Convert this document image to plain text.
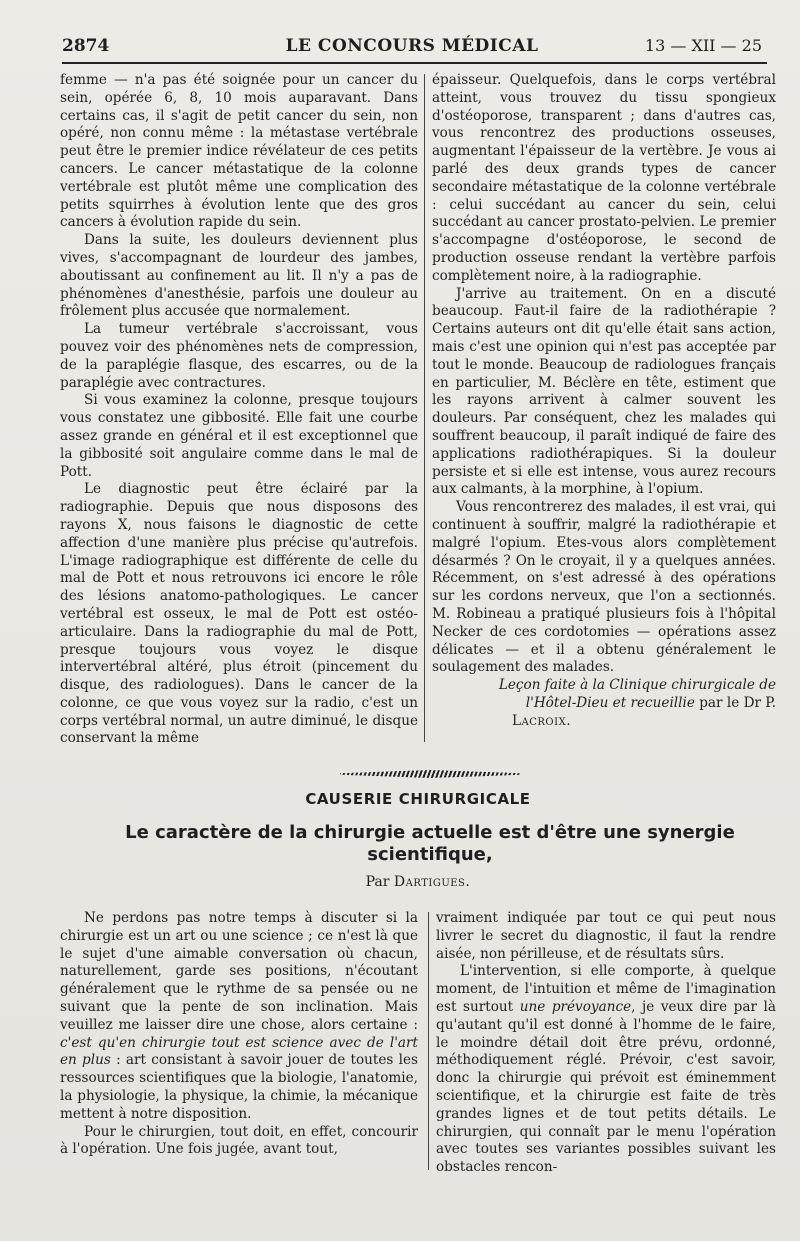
2874	LE CONCOURS MÉDICAL	13 — XII — 25

femme — n'a pas été soignée pour un cancer du sein, opérée 6, 8, 10 mois auparavant. Dans certains cas, il s'agit de petit cancer du sein, non opéré, non connu même : la métastase vertébrale peut être le premier indice révélateur de ces petits cancers. Le cancer métastatique de la colonne vertébrale est plutôt même une complication des petits squirrhes à évolution lente que des gros cancers à évolution rapide du sein.

Dans la suite, les douleurs deviennent plus vives, s'accompagnant de lourdeur des jambes, aboutissant au confinement au lit. Il n'y a pas de phénomènes d'anesthésie, parfois une douleur au frôlement plus accusée que normalement.

La tumeur vertébrale s'accroissant, vous pouvez voir des phénomènes nets de compression, de la paraplégie flasque, des escarres, ou de la paraplégie avec contractures.

Si vous examinez la colonne, presque toujours vous constatez une gibbosité. Elle fait une courbe assez grande en général et il est exceptionnel que la gibbosité soit angulaire comme dans le mal de Pott.

Le diagnostic peut être éclairé par la radiographie. Depuis que nous disposons des rayons X, nous faisons le diagnostic de cette affection d'une manière plus précise qu'autrefois. L'image radiographique est différente de celle du mal de Pott et nous retrouvons ici encore le rôle des lésions anatomo-pathologiques. Le cancer vertébral est osseux, le mal de Pott est ostéo-articulaire. Dans la radiographie du mal de Pott, presque toujours vous voyez le disque intervertébral altéré, plus étroit (pincement du disque, des radiologues). Dans le cancer de la colonne, ce que vous voyez sur la radio, c'est un corps vertébral normal, un autre diminué, le disque conservant la même

épaisseur. Quelquefois, dans le corps vertébral atteint, vous trouvez du tissu spongieux d'ostéoporose, transparent ; dans d'autres cas, vous rencontrez des productions osseuses, augmentant l'épaisseur de la vertèbre. Je vous ai parlé des deux grands types de cancer secondaire métastatique de la colonne vertébrale : celui succédant au cancer du sein, celui succédant au cancer prostato-pelvien. Le premier s'accompagne d'ostéoporose, le second de production osseuse rendant la vertèbre parfois complètement noire, à la radiographie.

J'arrive au traitement. On en a discuté beaucoup. Faut-il faire de la radiothérapie ? Certains auteurs ont dit qu'elle était sans action, mais c'est une opinion qui n'est pas acceptée par tout le monde. Beaucoup de radiologues français en particulier, M. Béclère en tête, estiment que les rayons arrivent à calmer souvent les douleurs. Par conséquent, chez les malades qui souffrent beaucoup, il paraît indiqué de faire des applications radiothérapiques. Si la douleur persiste et si elle est intense, vous aurez recours aux calmants, à la morphine, à l'opium.

Vous rencontrerez des malades, il est vrai, qui continuent à souffrir, malgré la radiothérapie et malgré l'opium. Etes-vous alors complètement désarmés ? On le croyait, il y a quelques années. Récemment, on s'est adressé à des opérations sur les cordons nerveux, que l'on a sectionnés. M. Robineau a pratiqué plusieurs fois à l'hôpital Necker de ces cordotomies — opérations assez délicates — et il a obtenu généralement le soulagement des malades.

Leçon faite à la Clinique chirurgicale de
l'Hôtel-Dieu et recueillie par le Dr P.
Lacroix.
CAUSERIE CHIRURGICALE
Le caractère de la chirurgie actuelle est d'être une synergie scientifique,
Par Dartigues.

Ne perdons pas notre temps à discuter si la chirurgie est un art ou une science ; ce n'est là que le sujet d'une aimable conversation où chacun, naturellement, garde ses positions, n'écoutant généralement que le rythme de sa pensée ou ne suivant que la pente de son inclination. Mais veuillez me laisser dire une chose, alors certaine : c'est qu'en chirurgie tout est science avec de l'art en plus : art consistant à savoir jouer de toutes les ressources scientifiques que la biologie, l'anatomie, la physiologie, la physique, la chimie, la mécanique mettent à notre disposition.

Pour le chirurgien, tout doit, en effet, concourir à l'opération. Une fois jugée, avant tout,

vraiment indiquée par tout ce qui peut nous livrer le secret du diagnostic, il faut la rendre aisée, non périlleuse, et de résultats sûrs.

L'intervention, si elle comporte, à quelque moment, de l'intuition et même de l'imagination est surtout une prévoyance, je veux dire par là qu'autant qu'il est donné à l'homme de le faire, le moindre détail doit être prévu, ordonné, méthodiquement réglé. Prévoir, c'est savoir, donc la chirurgie qui prévoit est éminemment scientifique, et la chirurgie est faite de très grandes lignes et de tout petits détails. Le chirurgien, qui connaît par le menu l'opération avec toutes ses variantes possibles suivant les obstacles rencon-
